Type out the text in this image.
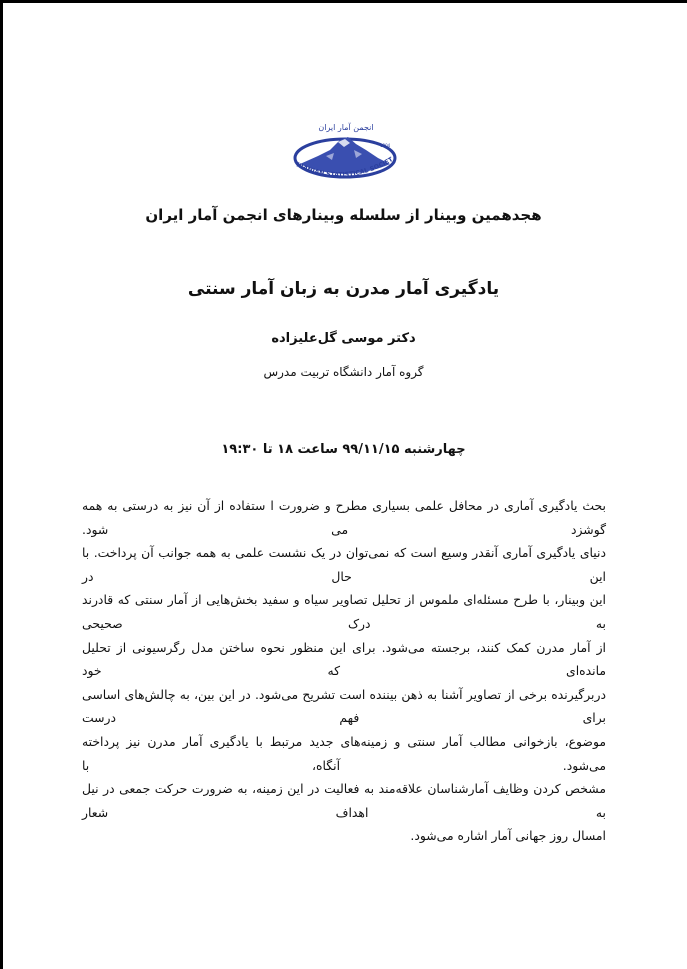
انجمن آمار ایران
1904
IRANIAN STATISTICAL SOCIET
هجدهمین وبینار از سلسله وبینارهای انجمن آمار ایران
یادگیری آمار مدرن به زبان آمار سنتی
دکتر موسی گل‌علیزاده
گروه آمار دانشگاه تربیت مدرس
چهارشنبه ۹۹/۱۱/۱۵ ساعت ۱۸ تا ۱۹:۳۰
بحث یادگیری آماری در محافل علمی بسیاری مطرح و ضرورت ا ستفاده از آن نیز به درستی به همه گوشزد می شود.
دنیای یادگیری آماری آنقدر وسیع است که نمی‌توان در یک نشست علمی به همه جوانب آن پرداخت. با این حال در
این وبینار، با طرح مسئله‌ای ملموس از تحلیل تصاویر سیاه و سفید بخش‌هایی از آمار سنتی که قادرند به درک صحیحی
از آمار مدرن کمک کنند، برجسته می‌شود. برای این منظور نحوه ساختن مدل رگرسیونی از تحلیل مانده‌ای که خود
دربرگیرنده برخی از تصاویر آشنا به ذهن بیننده است تشریح می‌شود. در این بین، به چالش‌های اساسی برای فهم درست
موضوع، بازخوانی مطالب آمار سنتی و زمینه‌های جدید مرتبط با یادگیری آمار مدرن نیز پرداخته می‌شود. آنگاه، با
مشخص کردن وظایف آمارشناسان علاقه‌مند به فعالیت در این زمینه، به ضرورت حرکت جمعی در نیل به اهداف شعار
امسال روز جهانی آمار اشاره می‌شود.
